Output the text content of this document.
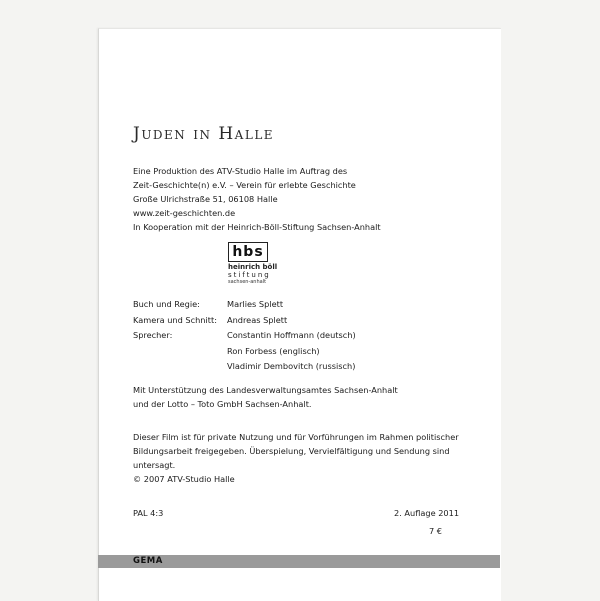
Juden in Halle
Eine Produktion des ATV-Studio Halle im Auftrag des
Zeit-Geschichte(n) e.V. – Verein für erlebte Geschichte
Große Ulrichstraße 51, 06108 Halle
www.zeit-geschichten.de
In Kooperation mit der Heinrich-Böll-Stiftung Sachsen-Anhalt
hbs
heinrich böll
stiftung
sachsen-anhalt
Buch und Regie:	Marlies Splett
Kamera und Schnitt: Andreas Splett
Sprecher:	Constantin Hoffmann (deutsch)
Ron Forbess (englisch)
Vladimir Dembovitch (russisch)
Mit Unterstützung des Landesverwaltungsamtes Sachsen-Anhalt
und der Lotto – Toto GmbH Sachsen-Anhalt.
Dieser Film ist für private Nutzung und für Vorführungen im Rahmen politischer
Bildungsarbeit freigegeben. Überspielung, Vervielfältigung und Sendung sind
untersagt.
© 2007 ATV-Studio Halle
PAL 4:3	2. Auflage 2011
7 €
GEMA
